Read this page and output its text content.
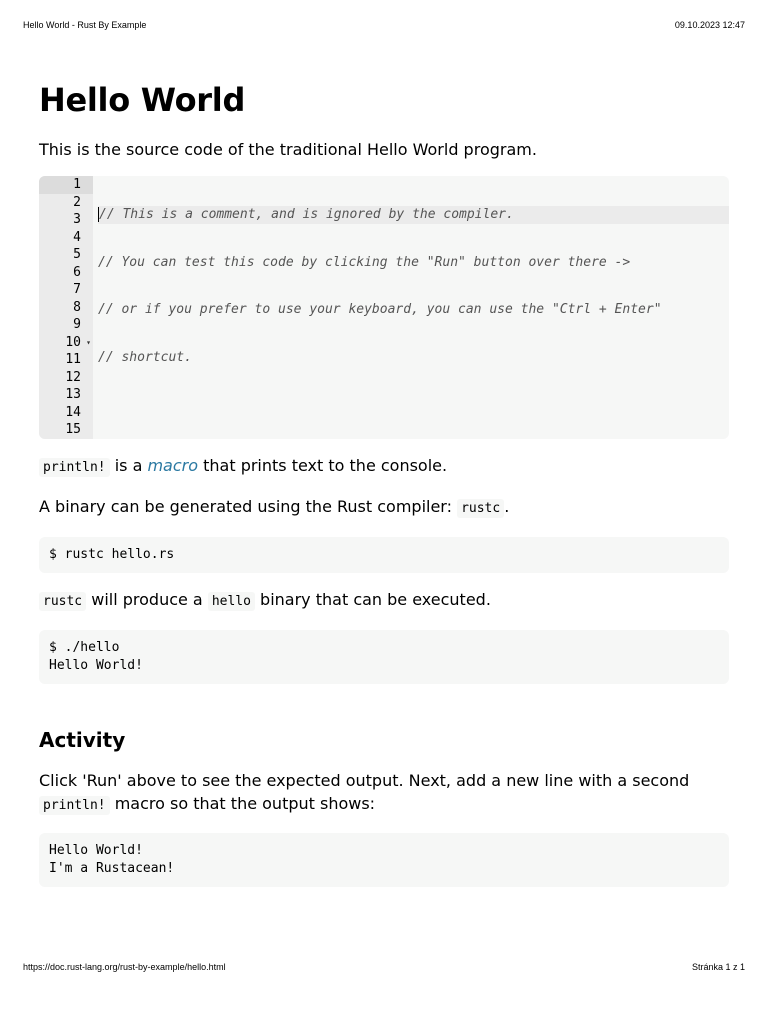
Hello World - Rust By Example	09.10.2023 12:47
Hello World

This is the source code of the traditional Hello World program.

1
2
3
4
5
6
7
8
9
10 ▾
11
12
13
14
15

// This is a comment, and is ignored by the compiler.

// You can test this code by clicking the "Run" button over there ->

// or if you prefer to use your keyboard, you can use the "Ctrl + Enter"

// shortcut.

println! is a macro that prints text to the console.

A binary can be generated using the Rust compiler: rustc .

$ rustc hello.rs

rustc will produce a hello binary that can be executed.

$ ./hello
Hello World!
Activity

Click 'Run' above to see the expected output. Next, add a new line with a second
println! macro so that the output shows:

Hello World!
I'm a Rustacean!
https://doc.rust-lang.org/rust-by-example/hello.html	Stránka 1 z 1
